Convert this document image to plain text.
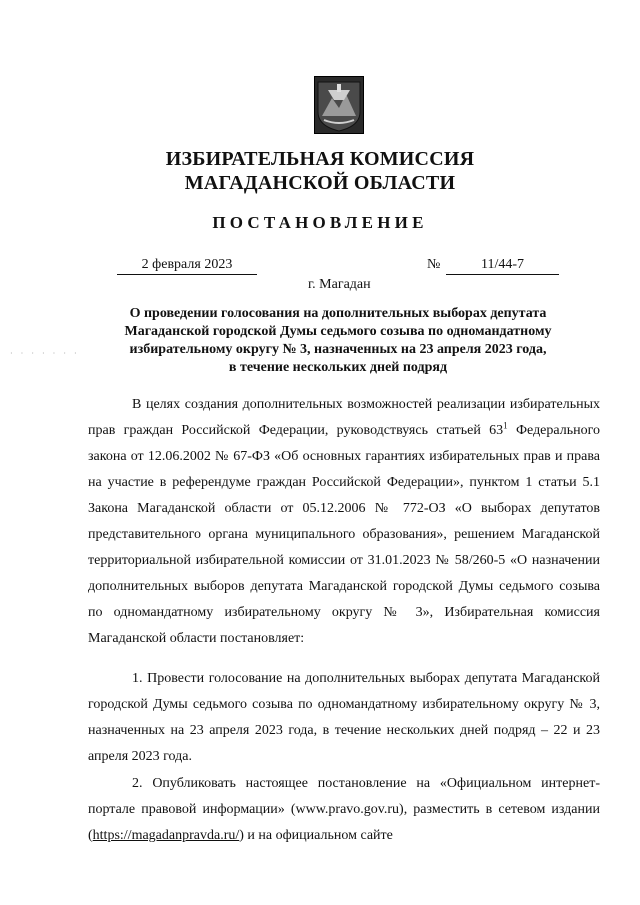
ИЗБИРАТЕЛЬНАЯ КОМИССИЯ
МАГАДАНСКОЙ ОБЛАСТИ
ПОСТАНОВЛЕНИЕ
2 февраля 2023	№	11/44-7
г. Магадан
· · · · · · ·
О проведении голосования на дополнительных выборах депутата
Магаданской городской Думы седьмого созыва по одномандатному
избирательному округу № 3, назначенных на 23 апреля 2023 года,
в течение нескольких дней подряд
В целях создания дополнительных возможностей реализации избирательных прав граждан Российской Федерации, руководствуясь статьей $63^1$ Федерального закона от 12.06.2002 № 67-ФЗ «Об основных гарантиях избирательных прав и права на участие в референдуме граждан Российской Федерации», пунктом 1 статьи 5.1 Закона Магаданской области от 05.12.2006 № 772-ОЗ «О выборах депутатов представительного органа муниципального образования», решением Магаданской территориальной избирательной комиссии от 31.01.2023 № 58/260-5 «О назначении дополнительных выборов депутата Магаданской городской Думы седьмого созыва по одномандатному избирательному округу № 3», Избирательная комиссия Магаданской области постановляет:
1. Провести голосование на дополнительных выборах депутата Магаданской городской Думы седьмого созыва по одномандатному избирательному округу № 3, назначенных на 23 апреля 2023 года, в течение нескольких дней подряд – 22 и 23 апреля 2023 года.
2. Опубликовать настоящее постановление на «Официальном интернет-портале правовой информации» (www.pravo.gov.ru), разместить в сетевом издании (https://magadanpravda.ru/) и на официальном сайте
